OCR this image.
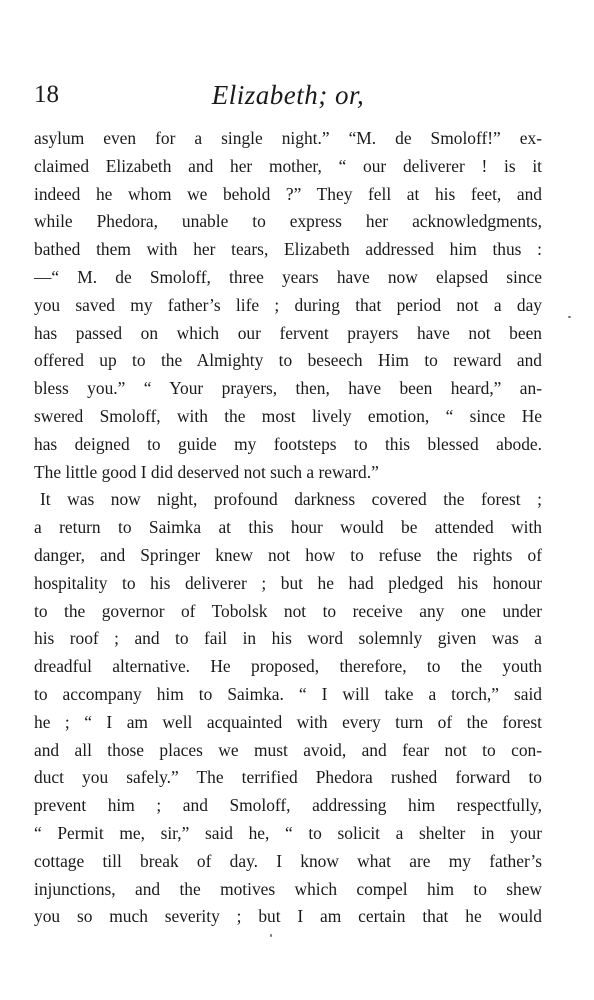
18	Elizabeth; or,
asylum even for a single night.” “M. de Smoloff!” ex-
claimed Elizabeth and her mother, “ our deliverer ! is it
indeed he whom we behold ?” They fell at his feet, and
while Phedora, unable to express her acknowledgments,
bathed them with her tears, Elizabeth addressed him thus :
—“ M. de Smoloff, three years have now elapsed since
you saved my father’s life ; during that period not a day
has passed on which our fervent prayers have not been
offered up to the Almighty to beseech Him to reward and
bless you.” “ Your prayers, then, have been heard,” an-
swered Smoloff, with the most lively emotion, “ since He
has deigned to guide my footsteps to this blessed abode.
The little good I did deserved not such a reward.”
It was now night, profound darkness covered the forest ;
a return to Saimka at this hour would be attended with
danger, and Springer knew not how to refuse the rights of
hospitality to his deliverer ; but he had pledged his honour
to the governor of Tobolsk not to receive any one under
his roof ; and to fail in his word solemnly given was a
dreadful alternative. He proposed, therefore, to the youth
to accompany him to Saimka. “ I will take a torch,” said
he ; “ I am well acquainted with every turn of the forest
and all those places we must avoid, and fear not to con-
duct you safely.” The terrified Phedora rushed forward to
prevent him ; and Smoloff, addressing him respectfully,
“ Permit me, sir,” said he, “ to solicit a shelter in your
cottage till break of day. I know what are my father’s
injunctions, and the motives which compel him to shew
you so much severity ; but I am certain that he would
